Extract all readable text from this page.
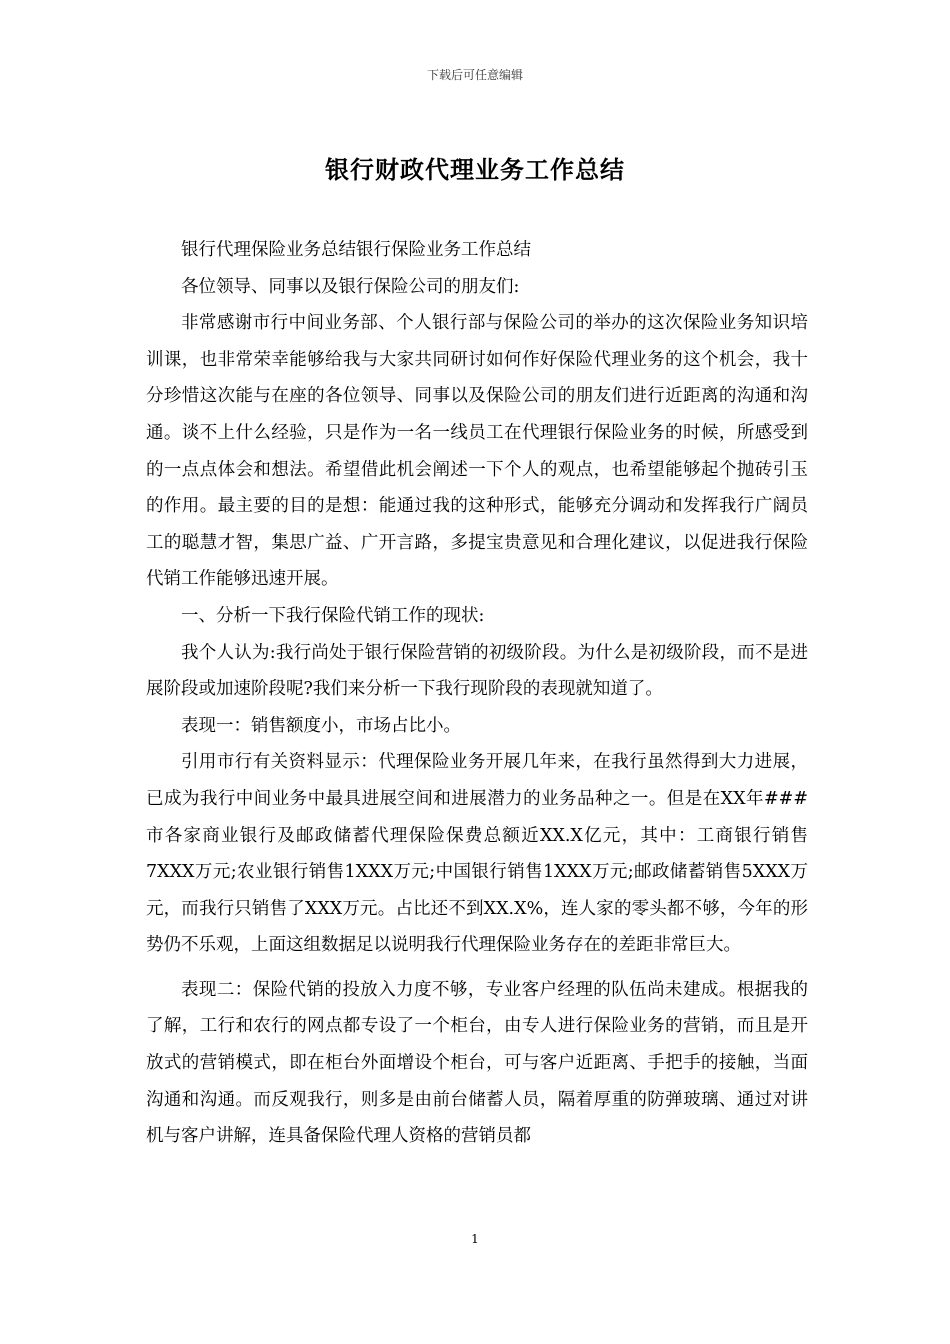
下载后可任意编辑
银行财政代理业务工作总结

银行代理保险业务总结银行保险业务工作总结

各位领导、同事以及银行保险公司的朋友们:

非常感谢市行中间业务部、个人银行部与保险公司的举办的这次保险业务知识培训课，也非常荣幸能够给我与大家共同研讨如何作好保险代理业务的这个机会，我十分珍惜这次能与在座的各位领导、同事以及保险公司的朋友们进行近距离的沟通和沟通。谈不上什么经验，只是作为一名一线员工在代理银行保险业务的时候，所感受到的一点点体会和想法。希望借此机会阐述一下个人的观点，也希望能够起个抛砖引玉的作用。最主要的目的是想：能通过我的这种形式，能够充分调动和发挥我行广阔员工的聪慧才智，集思广益、广开言路，多提宝贵意见和合理化建议，以促进我行保险代销工作能够迅速开展。

一、分析一下我行保险代销工作的现状:

我个人认为:我行尚处于银行保险营销的初级阶段。为什么是初级阶段，而不是进展阶段或加速阶段呢?我们来分析一下我行现阶段的表现就知道了。

表现一：销售额度小，市场占比小。

引用市行有关资料显示：代理保险业务开展几年来，在我行虽然得到大力进展，已成为我行中间业务中最具进展空间和进展潜力的业务品种之一。但是在XX年###市各家商业银行及邮政储蓄代理保险保费总额近XX.X亿元，其中：工商银行销售7XXX万元;农业银行销售1XXX万元;中国银行销售1XXX万元;邮政储蓄销售5XXX万元，而我行只销售了XXX万元。占比还不到XX.X%，连人家的零头都不够，今年的形势仍不乐观，上面这组数据足以说明我行代理保险业务存在的差距非常巨大。

表现二：保险代销的投放入力度不够，专业客户经理的队伍尚未建成。根据我的了解，工行和农行的网点都专设了一个柜台，由专人进行保险业务的营销，而且是开放式的营销模式，即在柜台外面增设个柜台，可与客户近距离、手把手的接触，当面沟通和沟通。而反观我行，则多是由前台储蓄人员，隔着厚重的防弹玻璃、通过对讲机与客户讲解，连具备保险代理人资格的营销员都

1
